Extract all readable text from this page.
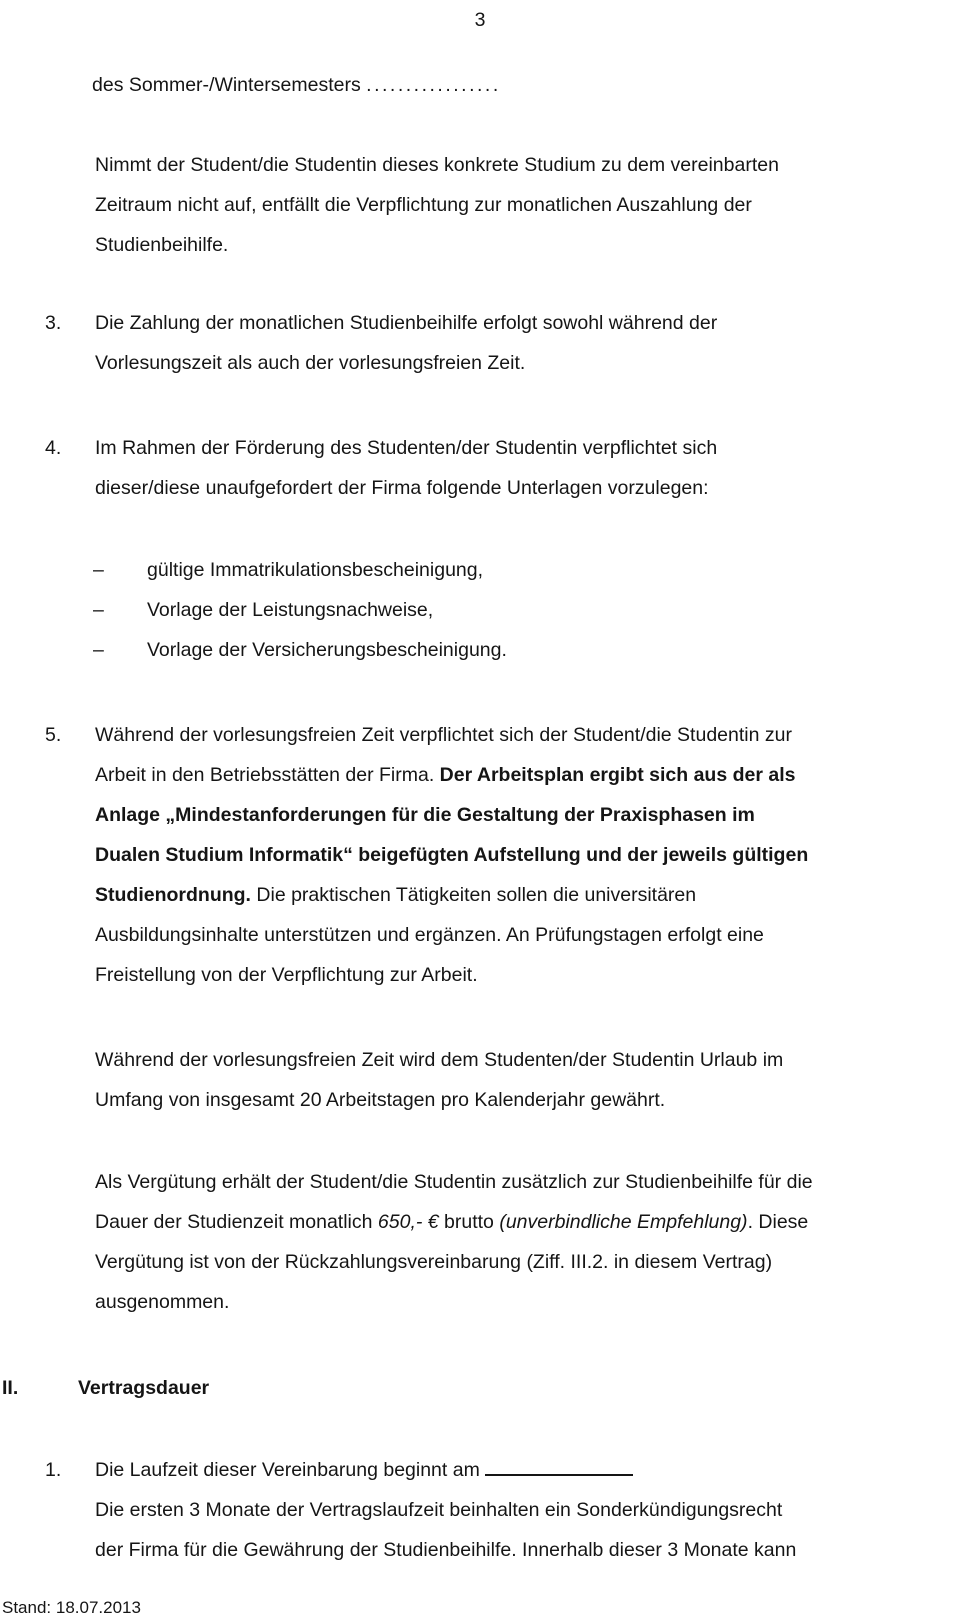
3
des Sommer-/Wintersemesters .................
Nimmt der Student/die Studentin dieses konkrete Studium zu dem vereinbarten
Zeitraum nicht auf, entfällt die Verpflichtung zur monatlichen Auszahlung der
Studienbeihilfe.
3.	Die Zahlung der monatlichen Studienbeihilfe erfolgt sowohl während der
Vorlesungszeit als auch der vorlesungsfreien Zeit.
4.	Im Rahmen der Förderung des Studenten/der Studentin verpflichtet sich
dieser/diese unaufgefordert der Firma folgende Unterlagen vorzulegen:
–	gültige Immatrikulationsbescheinigung,
–	Vorlage der Leistungsnachweise,
–	Vorlage der Versicherungsbescheinigung.
5.	Während der vorlesungsfreien Zeit verpflichtet sich der Student/die Studentin zur
Arbeit in den Betriebsstätten der Firma. Der Arbeitsplan ergibt sich aus der als
Anlage „Mindestanforderungen für die Gestaltung der Praxisphasen im
Dualen Studium Informatik“ beigefügten Aufstellung und der jeweils gültigen
Studienordnung. Die praktischen Tätigkeiten sollen die universitären
Ausbildungsinhalte unterstützen und ergänzen. An Prüfungstagen erfolgt eine
Freistellung von der Verpflichtung zur Arbeit.
Während der vorlesungsfreien Zeit wird dem Studenten/der Studentin Urlaub im
Umfang von insgesamt 20 Arbeitstagen pro Kalenderjahr gewährt.
Als Vergütung erhält der Student/die Studentin zusätzlich zur Studienbeihilfe für die
Dauer der Studienzeit monatlich 650,- € brutto (unverbindliche Empfehlung). Diese
Vergütung ist von der Rückzahlungsvereinbarung (Ziff. III.2. in diesem Vertrag)
ausgenommen.
II.	Vertragsdauer
1.	Die Laufzeit dieser Vereinbarung beginnt am
Die ersten 3 Monate der Vertragslaufzeit beinhalten ein Sonderkündigungsrecht
der Firma für die Gewährung der Studienbeihilfe. Innerhalb dieser 3 Monate kann
Stand: 18.07.2013
